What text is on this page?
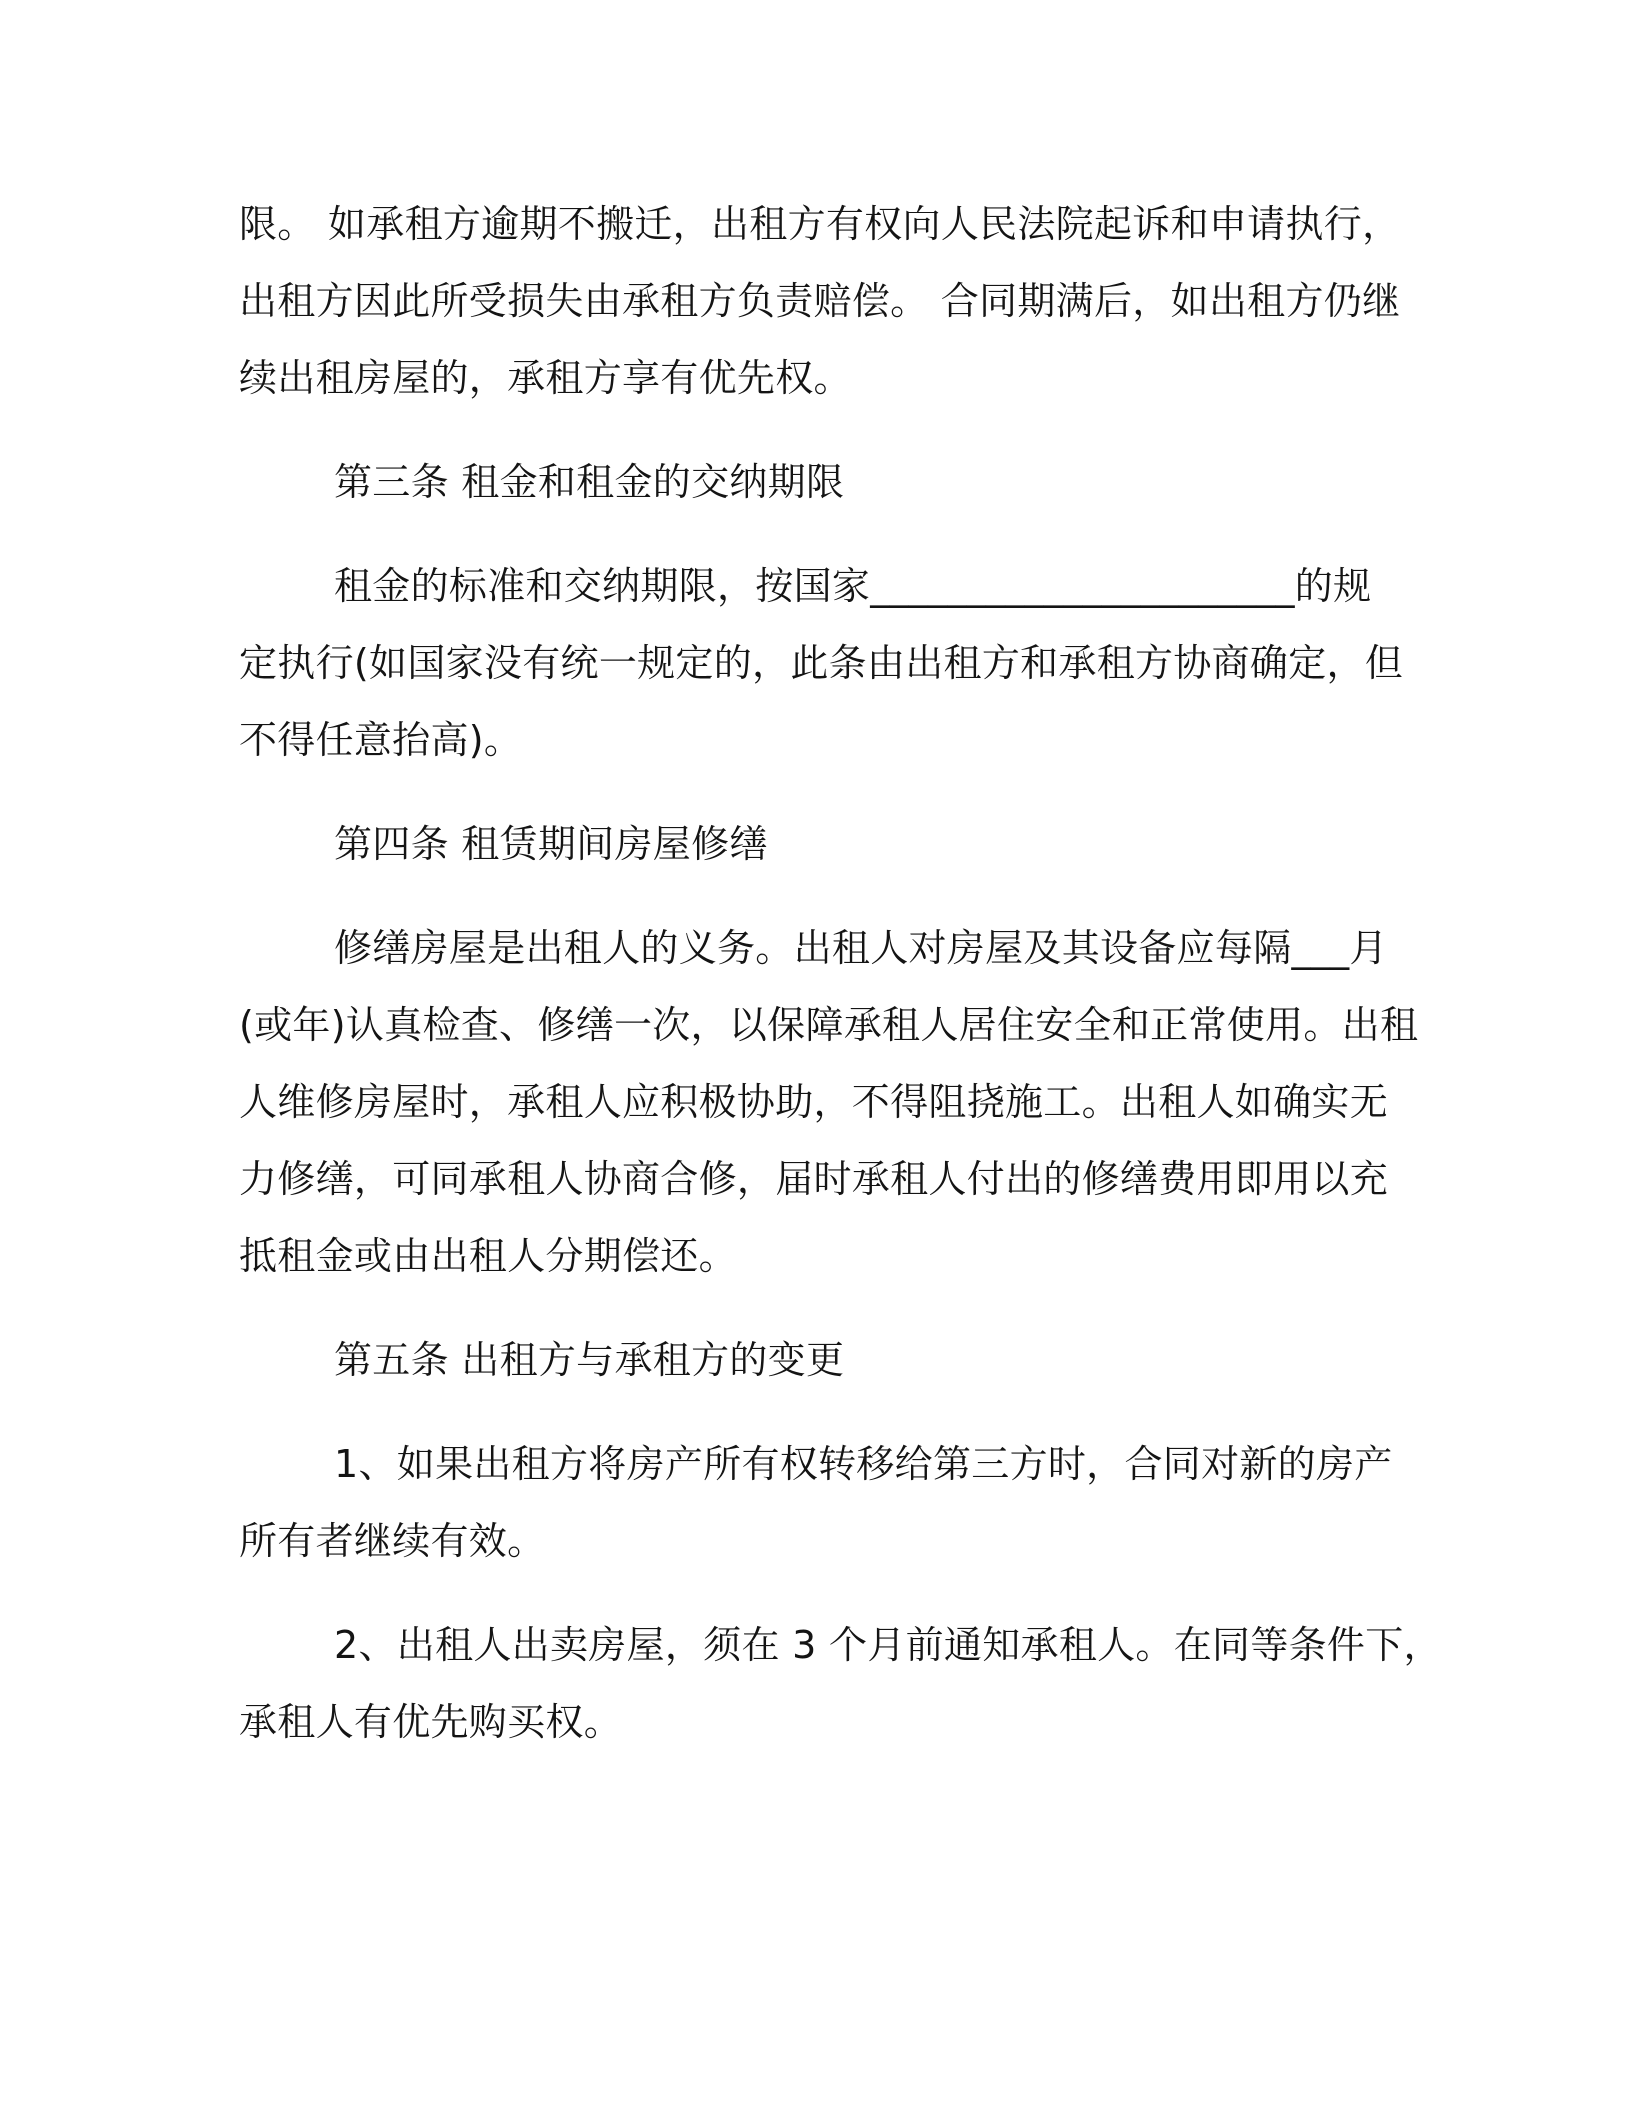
限。 如承租方逾期不搬迁，出租方有权向人民法院起诉和申请执行，
出租方因此所受损失由承租方负责赔偿。 合同期满后，如出租方仍继
续出租房屋的，承租方享有优先权。
第三条 租金和租金的交纳期限
租金的标准和交纳期限，按国家______________________的规
定执行(如国家没有统一规定的，此条由出租方和承租方协商确定，但
不得任意抬高)。
第四条 租赁期间房屋修缮
修缮房屋是出租人的义务。出租人对房屋及其设备应每隔___月
(或年)认真检查、修缮一次，以保障承租人居住安全和正常使用。出租
人维修房屋时，承租人应积极协助，不得阻挠施工。出租人如确实无
力修缮，可同承租人协商合修，届时承租人付出的修缮费用即用以充
抵租金或由出租人分期偿还。
第五条 出租方与承租方的变更
1、如果出租方将房产所有权转移给第三方时，合同对新的房产
所有者继续有效。
2、出租人出卖房屋，须在 3 个月前通知承租人。在同等条件下，
承租人有优先购买权。
